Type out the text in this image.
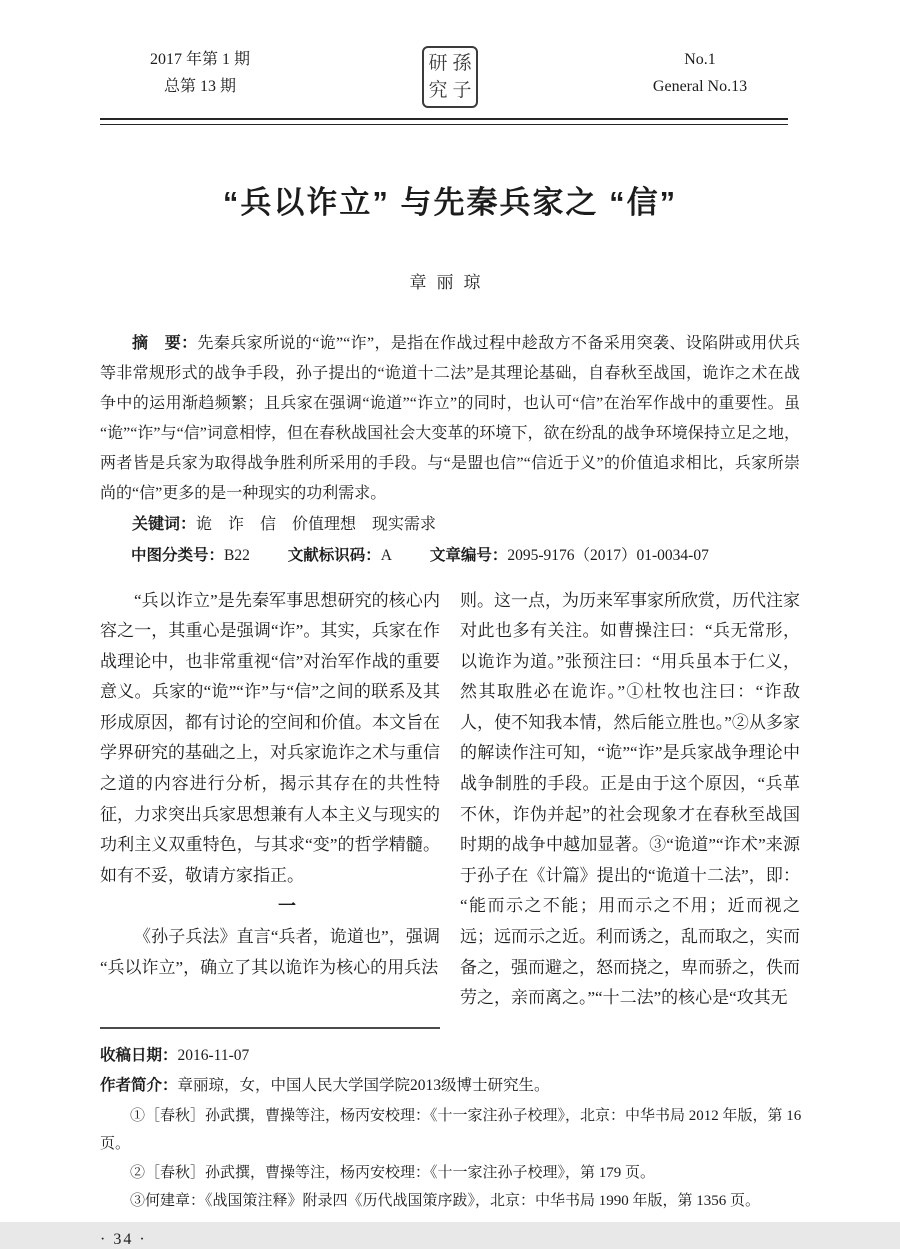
2017 年第 1 期
总第 13 期
研 孫
究 子
No.1
General No.13
“兵以诈立” 与先秦兵家之 “信”
章丽琼
摘　要：先秦兵家所说的“诡”“诈”，是指在作战过程中趁敌方不备采用突袭、设陷阱或用伏兵等非常规形式的战争手段，孙子提出的“诡道十二法”是其理论基础，自春秋至战国，诡诈之术在战争中的运用渐趋频繁；且兵家在强调“诡道”“诈立”的同时，也认可“信”在治军作战中的重要性。虽“诡”“诈”与“信”词意相悖，但在春秋战国社会大变革的环境下，欲在纷乱的战争环境保持立足之地，两者皆是兵家为取得战争胜利所采用的手段。与“是盟也信”“信近于义”的价值追求相比，兵家所崇尚的“信”更多的是一种现实的功利需求。
关键词：诡　诈　信　价值理想　现实需求
中图分类号：B22 文献标识码：A 文章编号：2095-9176（2017）01-0034-07

“兵以诈立”是先秦军事思想研究的核心内容之一，其重心是强调“诈”。其实，兵家在作战理论中，也非常重视“信”对治军作战的重要意义。兵家的“诡”“诈”与“信”之间的联系及其形成原因，都有讨论的空间和价值。本文旨在学界研究的基础之上，对兵家诡诈之术与重信之道的内容进行分析，揭示其存在的共性特征，力求突出兵家思想兼有人本主义与现实的功利主义双重特色，与其求“变”的哲学精髓。如有不妥，敬请方家指正。

一

《孙子兵法》直言“兵者，诡道也”，强调“兵以诈立”，确立了其以诡诈为核心的用兵法

则。这一点，为历来军事家所欣赏，历代注家对此也多有关注。如曹操注曰：“兵无常形，以诡诈为道。”张预注曰：“用兵虽本于仁义，然其取胜必在诡诈。”①杜牧也注曰：“诈敌人，使不知我本情，然后能立胜也。”②从多家的解读作注可知，“诡”“诈”是兵家战争理论中战争制胜的手段。正是由于这个原因，“兵革不休，诈伪并起”的社会现象才在春秋至战国时期的战争中越加显著。③“诡道”“诈术”来源于孙子在《计篇》提出的“诡道十二法”，即：“能而示之不能；用而示之不用；近而视之远；远而示之近。利而诱之，乱而取之，实而备之，强而避之，怒而挠之，卑而骄之，佚而劳之，亲而离之。”“十二法”的核心是“攻其无

收稿日期：2016-11-07
作者简介：章丽琼，女，中国人民大学国学院2013级博士研究生。
①［春秋］孙武撰，曹操等注，杨丙安校理：《十一家注孙子校理》，北京：中华书局 2012 年版，第 16 页。
②［春秋］孙武撰，曹操等注，杨丙安校理：《十一家注孙子校理》，第 179 页。
③何建章：《战国策注释》附录四《历代战国策序跋》，北京：中华书局 1990 年版，第 1356 页。
· 34 ·
